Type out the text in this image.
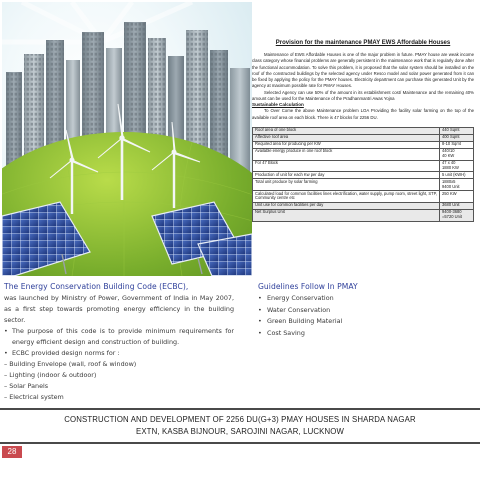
Provision for the maintenance PMAY EWS Affordable Houses

Maintenance of EWS Affordable Houses is one of the major problem in future. PMAY house are weak income class category whose financial problems are generally persistent in the maintenance work that is regularly done after the functional accommodation. To solve this problem, it is proposed that the solar system should be installed on the roof of the constructed buildings by the selected agency under Resco model and solar power generated from it can be fixed by applying the policy for the PMAY houses. Electricity department can purchase this generated Unit by the agency at maximum possible rate for PMAY Houses.

Selected Agency can use 50% of the amount in its establishment cost/ Maintenance and the remaining 40% amount can be used for the Maintenance of the Pradhanmantri Awas Yojna

Sustainable Calculation

To Over Come the above Maintenance problem LOA Providing the facility solar farming on the top of the available roof area on each block. There is 47 blocks for 2256 DU.

Roof area of one block	440 Sqmt
Affective roof area	400 Sqmt
Required area for producing per KW	8-10 Sqmt
Available energy produce in one roof block	440/10
40 KW
For 47 Block	47 x 40
1880 KW
Production of unit for each Kw per day	5 unit (KWH)
Total unit produce by solar farming	1880x5
9400 Unit
Calculated load for common facilities lines electrification, water supply, pump room, street light, STP, Community centre etc	250 KW
Unit use for common facilities per day	3680 Unit
Net Surplus Unit	9400-3680
=5720 Unit
The Energy Conservation Building Code (ECBC),

was launched by Ministry of Power, Government of India in May 2007, as a first step towards promoting energy efficiency in the building sector.

• The purpose of this code is to provide minimum requirements for energy efficient design and construction of building.
• ECBC provided design norms for :
– Building Envelope (wall, roof & window)
– Lighting (indoor & outdoor)
– Solar Panels
– Electrical system
Guidelines Follow In PMAY
• Energy Conservation
• Water Conservation
• Green Building Material
• Cost Saving
CONSTRUCTION AND DEVELOPMENT OF 2256 DU(G+3) PMAY HOUSES IN SHARDA NAGAR
EXTN, KASBA BIJNOUR, SAROJINI NAGAR, LUCKNOW
28
